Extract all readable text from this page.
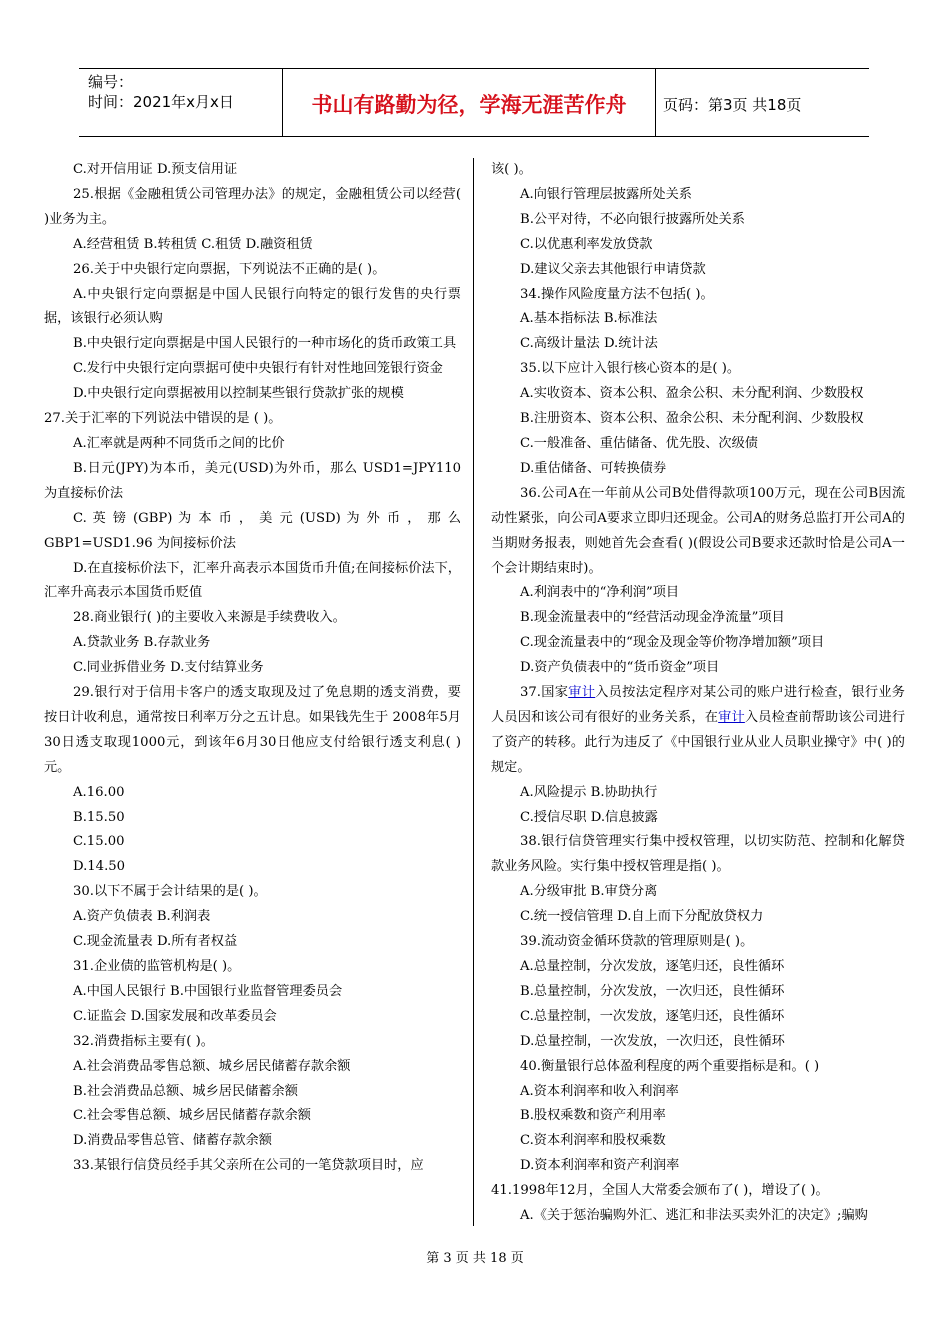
编号：
时间：2021年x月x日	书山有路勤为径，学海无涯苦作舟	页码：第3页 共18页

C.对开信用证 D.预支信用证

25.根据《金融租赁公司管理办法》的规定，金融租赁公司以经营( )业务为主。

A.经营租赁 B.转租赁 C.租赁 D.融资租赁

26.关于中央银行定向票据，下列说法不正确的是( )。

A.中央银行定向票据是中国人民银行向特定的银行发售的央行票据，该银行必须认购

B.中央银行定向票据是中国人民银行的一种市场化的货币政策工具

C.发行中央银行定向票据可使中央银行有针对性地回笼银行资金

D.中央银行定向票据被用以控制某些银行贷款扩张的规模

27.关于汇率的下列说法中错误的是 ( )。

A.汇率就是两种不同货币之间的比价

B.日元(JPY)为本币，美元(USD)为外币，那么 USD1=JPY110 为直接标价法

C. 英 镑 (GBP) 为 本 币 ， 美 元 (USD) 为 外 币 ， 那 么 GBP1=USD1.96 为间接标价法

D.在直接标价法下，汇率升高表示本国货币升值;在间接标价法下，汇率升高表示本国货币贬值

28.商业银行( )的主要收入来源是手续费收入。

A.贷款业务 B.存款业务

C.同业拆借业务 D.支付结算业务

29.银行对于信用卡客户的透支取现及过了免息期的透支消费，要按日计收利息，通常按日利率万分之五计息。如果钱先生于 2008年5月30日透支取现1000元，到该年6月30日他应支付给银行透支利息( )元。

A.16.00

B.15.50

C.15.00

D.14.50

30.以下不属于会计结果的是( )。

A.资产负债表 B.利润表

C.现金流量表 D.所有者权益

31.企业债的监管机构是( )。

A.中国人民银行 B.中国银行业监督管理委员会

C.证监会 D.国家发展和改革委员会

32.消费指标主要有( )。

A.社会消费品零售总额、城乡居民储蓄存款余额

B.社会消费品总额、城乡居民储蓄余额

C.社会零售总额、城乡居民储蓄存款余额

D.消费品零售总管、储蓄存款余额

33.某银行信贷员经手其父亲所在公司的一笔贷款项目时，应

该( )。

A.向银行管理层披露所处关系

B.公平对待，不必向银行披露所处关系

C.以优惠利率发放贷款

D.建议父亲去其他银行申请贷款

34.操作风险度量方法不包括( )。

A.基本指标法 B.标准法

C.高级计量法 D.统计法

35.以下应计入银行核心资本的是( )。

A.实收资本、资本公积、盈余公积、未分配利润、少数股权

B.注册资本、资本公积、盈余公积、未分配利润、少数股权

C.一般准备、重估储备、优先股、次级债

D.重估储备、可转换债券

36.公司A在一年前从公司B处借得款项100万元，现在公司B因流动性紧张，向公司A要求立即归还现金。公司A的财务总监打开公司A的当期财务报表，则她首先会查看( )(假设公司B要求还款时恰是公司A一个会计期结束时)。

A.利润表中的“净利润”项目

B.现金流量表中的“经营活动现金净流量”项目

C.现金流量表中的“现金及现金等价物净增加额”项目

D.资产负债表中的“货币资金”项目

37.国家审计入员按法定程序对某公司的账户进行检查，银行业务人员因和该公司有很好的业务关系，在审计入员检查前帮助该公司进行了资产的转移。此行为违反了《中国银行业从业人员职业操守》中( )的规定。

A.风险提示 B.协助执行

C.授信尽职 D.信息披露

38.银行信贷管理实行集中授权管理，以切实防范、控制和化解贷款业务风险。实行集中授权管理是指( )。

A.分级审批 B.审贷分离

C.统一授信管理 D.自上而下分配放贷权力

39.流动资金循环贷款的管理原则是( )。

A.总量控制，分次发放，逐笔归还，良性循环

B.总量控制，分次发放，一次归还，良性循环

C.总量控制，一次发放，逐笔归还，良性循环

D.总量控制，一次发放，一次归还，良性循环

40.衡量银行总体盈利程度的两个重要指标是和。( )

A.资本利润率和收入利润率

B.股权乘数和资产利用率

C.资本利润率和股权乘数

D.资本利润率和资产利润率

41.1998年12月，全国人大常委会颁布了( )，增设了( )。

A.《关于惩治骗购外汇、逃汇和非法买卖外汇的决定》;骗购

第 3 页 共 18 页
